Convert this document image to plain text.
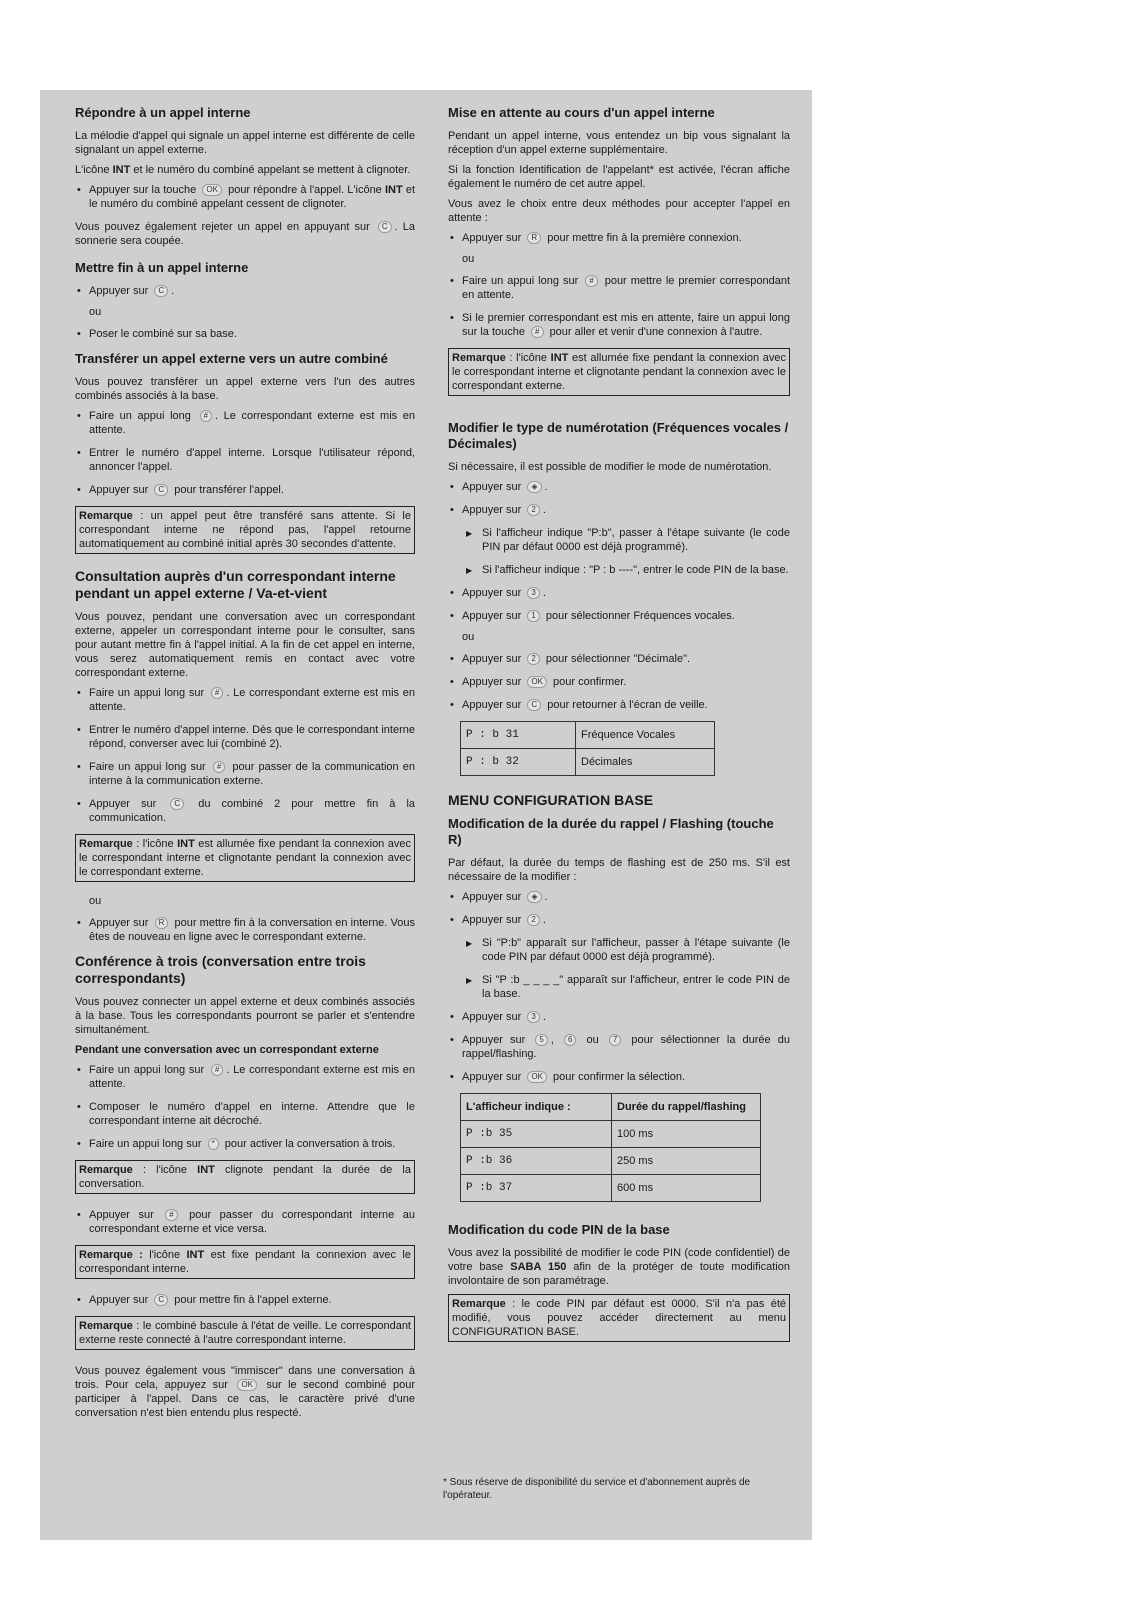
Répondre à un appel interne

La mélodie d'appel qui signale un appel interne est différente de celle signalant un appel externe.

L'icône INT et le numéro du combiné appelant se mettent à clignoter.

• Appuyer sur la touche OK pour répondre à l'appel. L'icône INT et le numéro du combiné appelant cessent de clignoter.

Vous pouvez également rejeter un appel en appuyant sur C . La sonnerie sera coupée.

Mettre fin à un appel interne
• Appuyer sur C .
ou
• Poser le combiné sur sa base.
Transférer un appel externe vers un autre combiné

Vous pouvez transférer un appel externe vers l'un des autres combinés associés à la base.

• Faire un appui long # . Le correspondant externe est mis en attente.
• Entrer le numéro d'appel interne. Lorsque l'utilisateur répond, annoncer l'appel.
• Appuyer sur C pour transférer l'appel.
Remarque : un appel peut être transféré sans attente. Si le correspondant interne ne répond pas, l'appel retourne automatiquement au combiné initial après 30 secondes d'attente.
Consultation auprès d'un correspondant interne pendant un appel externe / Va-et-vient

Vous pouvez, pendant une conversation avec un correspondant externe, appeler un correspondant interne pour le consulter, sans pour autant mettre fin à l'appel initial. A la fin de cet appel en interne, vous serez automatiquement remis en contact avec votre correspondant externe.

• Faire un appui long sur # . Le correspondant externe est mis en attente.
• Entrer le numéro d'appel interne. Dès que le correspondant interne répond, converser avec lui (combiné 2).
• Faire un appui long sur # pour passer de la communication en interne à la communication externe.
• Appuyer sur C du combiné 2 pour mettre fin à la communication.
Remarque : l'icône INT est allumée fixe pendant la connexion avec le correspondant interne et clignotante pendant la connexion avec le correspondant externe.
ou
• Appuyer sur R pour mettre fin à la conversation en interne. Vous êtes de nouveau en ligne avec le correspondant externe.
Conférence à trois (conversation entre trois correspondants)

Vous pouvez connecter un appel externe et deux combinés associés à la base. Tous les correspondants pourront se parler et s'entendre simultanément.

Pendant une conversation avec un correspondant externe
• Faire un appui long sur # . Le correspondant externe est mis en attente.
• Composer le numéro d'appel en interne. Attendre que le correspondant interne ait décroché.
• Faire un appui long sur * pour activer la conversation à trois.
Remarque : l'icône INT clignote pendant la durée de la conversation.
• Appuyer sur # pour passer du correspondant interne au correspondant externe et vice versa.
Remarque : l'icône INT est fixe pendant la connexion avec le correspondant interne.
• Appuyer sur C pour mettre fin à l'appel externe.
Remarque : le combiné bascule à l'état de veille. Le correspondant externe reste connecté à l'autre correspondant interne.

Vous pouvez également vous "immiscer" dans une conversation à trois. Pour cela, appuyez sur OK sur le second combiné pour participer à l'appel. Dans ce cas, le caractère privé d'une conversation n'est bien entendu plus respecté.

Mise en attente au cours d'un appel interne

Pendant un appel interne, vous entendez un bip vous signalant la réception d'un appel externe supplémentaire.

Si la fonction Identification de l'appelant* est activée, l'écran affiche également le numéro de cet autre appel.

Vous avez le choix entre deux méthodes pour accepter l'appel en attente :

• Appuyer sur R pour mettre fin à la première connexion.
ou
• Faire un appui long sur # pour mettre le premier correspondant en attente.
• Si le premier correspondant est mis en attente, faire un appui long sur la touche # pour aller et venir d'une connexion à l'autre.
Remarque : l'icône INT est allumée fixe pendant la connexion avec le correspondant interne et clignotante pendant la connexion avec le correspondant externe.
Modifier le type de numérotation (Fréquences vocales / Décimales)

Si nécessaire, il est possible de modifier le mode de numérotation.

• Appuyer sur ◈ .
• Appuyer sur 2 .
▶ Si l'afficheur indique "P:b", passer à l'étape suivante (le code PIN par défaut 0000 est déjà programmé).
▶ Si l'afficheur indique : "P : b ----", entrer le code PIN de la base.
• Appuyer sur 3 .
• Appuyer sur 1 pour sélectionner Fréquences vocales.
ou
• Appuyer sur 2 pour sélectionner "Décimale".
• Appuyer sur OK pour confirmer.
• Appuyer sur C pour retourner à l'écran de veille.
P : b 31	Fréquence Vocales
P : b 32	Décimales
MENU CONFIGURATION BASE
Modification de la durée du rappel / Flashing (touche R)

Par défaut, la durée du temps de flashing est de 250 ms. S'il est nécessaire de la modifier :

• Appuyer sur ◈ .
• Appuyer sur 2 .
▶ Si "P:b" apparaît sur l'afficheur, passer à l'étape suivante (le code PIN par défaut 0000 est déjà programmé).
▶ Si "P :b _ _ _ _" apparaît sur l'afficheur, entrer le code PIN de la base.
• Appuyer sur 3 .
• Appuyer sur 5 , 6 ou 7 pour sélectionner la durée du rappel/flashing.
• Appuyer sur OK pour confirmer la sélection.
L'afficheur indique :	Durée du rappel/flashing
P :b 35	100 ms
P :b 36	250 ms
P :b 37	600 ms
Modification du code PIN de la base

Vous avez la possibilité de modifier le code PIN (code confidentiel) de votre base SABA 150 afin de la protéger de toute modification involontaire de son paramétrage.

Remarque : le code PIN par défaut est 0000. S'il n'a pas été modifié, vous pouvez accéder directement au menu CONFIGURATION BASE.
* Sous réserve de disponibilité du service et d'abonnement auprès de l'opérateur.
